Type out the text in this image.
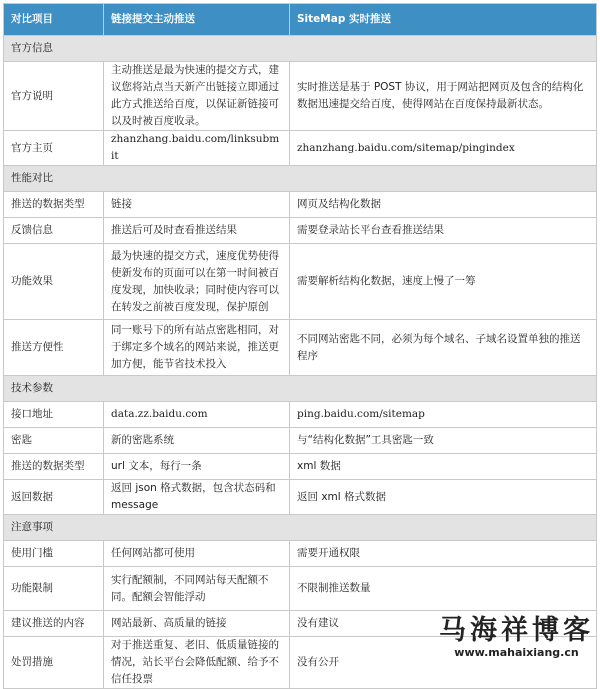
对比项目	链接提交主动推送	SiteMap 实时推送
官方信息		
官方说明	主动推送是最为快速的提交方式，建议您将站点当天新产出链接立即通过此方式推送给百度，以保证新链接可以及时被百度收录。	实时推送是基于 POST 协议，用于网站把网页及包含的结构化数据迅速提交给百度，使得网站在百度保持最新状态。
官方主页	zhanzhang.baidu.com/linksubmit	zhanzhang.baidu.com/sitemap/pingindex
性能对比		
推送的数据类型	链接	网页及结构化数据
反馈信息	推送后可及时查看推送结果	需要登录站长平台查看推送结果
功能效果	最为快速的提交方式，速度优势使得使新发布的页面可以在第一时间被百度发现，加快收录；同时使内容可以在转发之前被百度发现，保护原创	需要解析结构化数据，速度上慢了一筹
推送方便性	同一账号下的所有站点密匙相同，对于绑定多个域名的网站来说，推送更加方便，能节省技术投入	不同网站密匙不同，必须为每个域名、子域名设置单独的推送程序
技术参数		
接口地址	data.zz.baidu.com	ping.baidu.com/sitemap
密匙	新的密匙系统	与“结构化数据”工具密匙一致
推送的数据类型	url 文本，每行一条	xml 数据
返回数据	返回 json 格式数据，包含状态码和 message	返回 xml 格式数据
注意事项		
使用门槛	任何网站都可使用	需要开通权限
功能限制	实行配额制，不同网站每天配额不同。配额会智能浮动	不限制推送数量
建议推送的内容	网站最新、高质量的链接	没有建议
处罚措施	对于推送重复、老旧、低质量链接的情况，站长平台会降低配额、给予不信任投票	没有公开
马海祥博客
www.mahaixiang.cn
